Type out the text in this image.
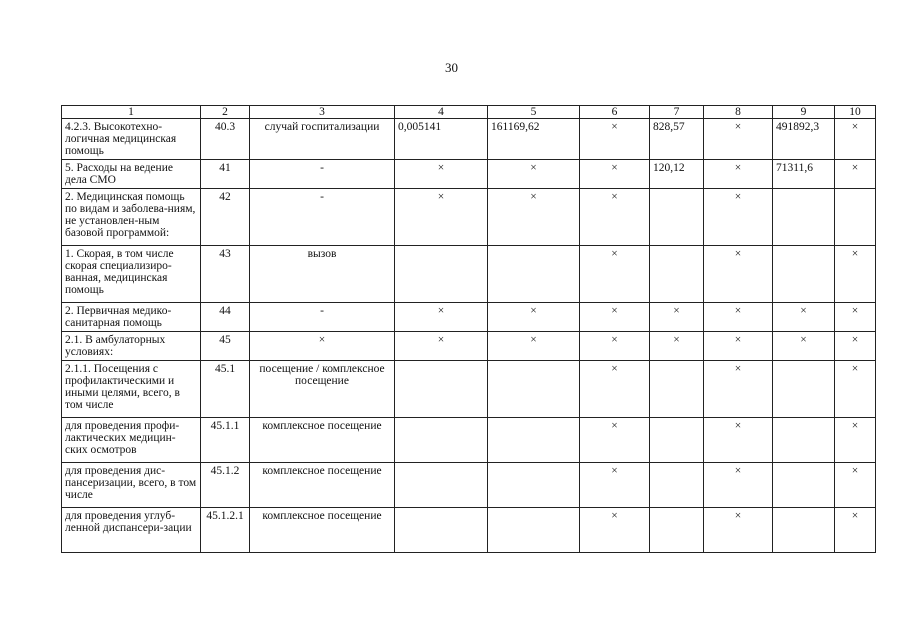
30
1	2	3	4	5	6	7	8	9	10
4.2.3. Высокотехно-логичная медицинская помощь	40.3	случай госпитализации	0,005141	161169,62	×	828,57	×	491892,3	×
5. Расходы на ведение дела СМО	41	-	×	×	×	120,12	×	71311,6	×
2. Медицинская помощь по видам и заболева-ниям, не установлен-ным базовой программой:	42	-	×	×	×		×		
1. Скорая, в том числе скорая специализиро-ванная, медицинская помощь	43	вызов			×		×		×
2. Первичная медико-санитарная помощь	44	-	×	×	×	×	×	×	×
2.1. В амбулаторных условиях:	45	×	×	×	×	×	×	×	×
2.1.1. Посещения с профилактическими и иными целями, всего, в том числе	45.1	посещение / комплексное посещение			×		×		×
для проведения профи-лактических медицин-ских осмотров	45.1.1	комплексное посещение			×		×		×
для проведения дис-пансеризации, всего, в том числе	45.1.2	комплексное посещение			×		×		×
для проведения углуб-ленной диспансери-зации	45.1.2.1	комплексное посещение			×		×		×
